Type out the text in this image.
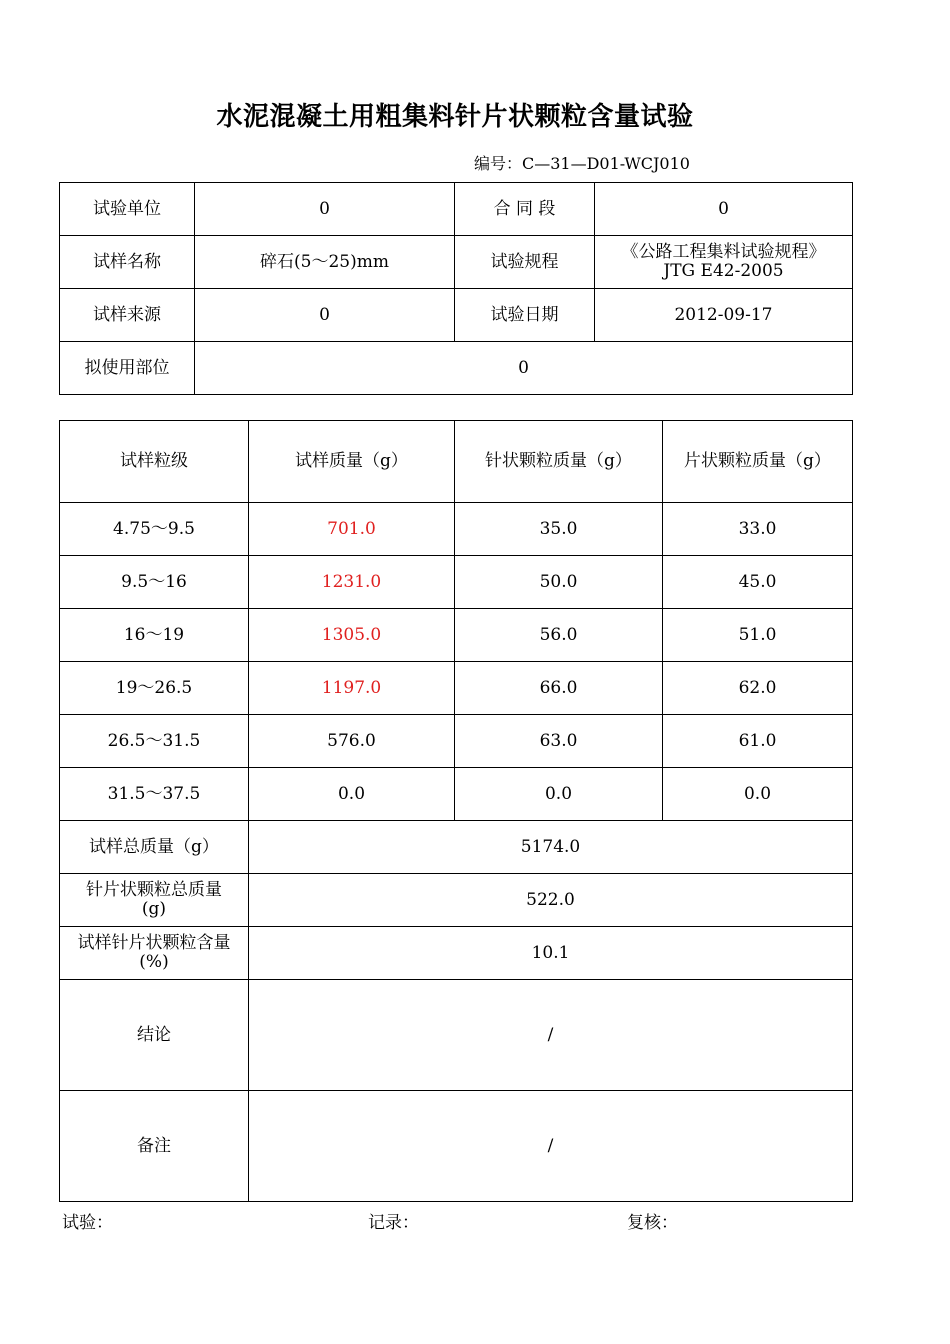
水泥混凝土用粗集料针片状颗粒含量试验
编号：C—31—D01-WCJ010
试验单位	0	合 同 段	0
试样名称	碎石(5～25)mm	试验规程	《公路工程集料试验规程》
JTG E42-2005

试样来源	0	试验日期	2012-09-17
拟使用部位	0		
试样粒级	试样质量（g）	针状颗粒质量（g）	片状颗粒质量（g）
4.75～9.5	701.0	35.0	33.0
9.5～16	1231.0	50.0	45.0
16～19	1305.0	56.0	51.0
19～26.5	1197.0	66.0	62.0
26.5～31.5	576.0	63.0	61.0
31.5～37.5	0.0	0.0	0.0
试样总质量（g）	5174.0		

针片状颗粒总质量
(g)	522.0		

试样针片状颗粒含量
(%)	10.1		
结论	/		
备注	/		
试验：	记录：	复核：
